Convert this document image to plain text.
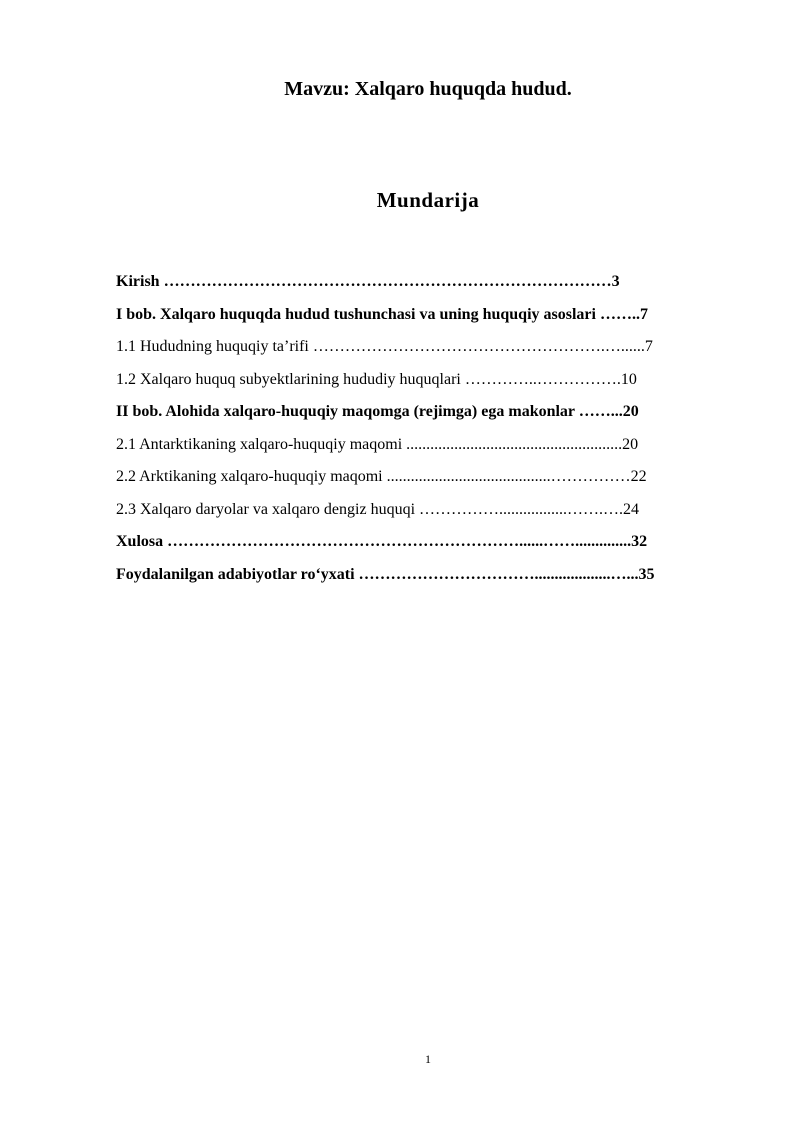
Mavzu: Xalqaro huquqda hudud.
Mundarija
Kirish …………………………………………………………………………3
I bob. Xalqaro huquqda hudud tushunchasi va uning huquqiy asoslari ……..7
1.1 Hududning huquqiy ta’rifi ……………………………………………….…......7
1.2 Xalqaro huquq subyektlarining hududiy huquqlari …………..…………….10
II bob. Alohida xalqaro-huquqiy maqomga (rejimga) ega makonlar ……...20
2.1 Antarktikaning xalqaro-huquqiy maqomi ......................................................20
2.2 Arktikaning xalqaro-huquqiy maqomi .........................................……………22
2.3 Xalqaro daryolar va xalqaro dengiz huquqi …………….................…….….24
Xulosa …………………………………………………………......……..............32
Foydalanilgan adabiyotlar ro‘yxati ……………………………...................…...35
1
